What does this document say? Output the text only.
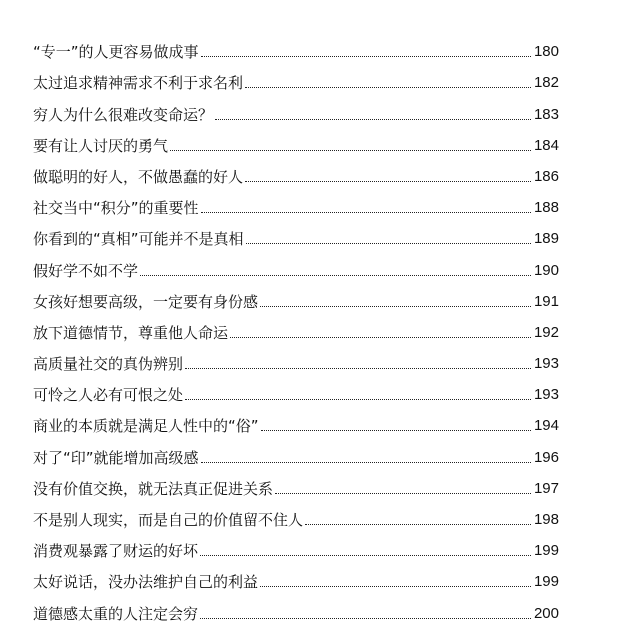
“专一”的人更容易做成事	180
太过追求精神需求不利于求名利	182
穷人为什么很难改变命运？	183
要有让人讨厌的勇气	184
做聪明的好人，不做愚蠢的好人	186
社交当中“积分”的重要性	188
你看到的“真相”可能并不是真相	189
假好学不如不学	190
女孩好想要高级，一定要有身份感	191
放下道德情节，尊重他人命运	192
高质量社交的真伪辨别	193
可怜之人必有可恨之处	193
商业的本质就是满足人性中的“俗”	194
对了“印”就能增加高级感	196
没有价值交换，就无法真正促进关系	197
不是别人现实，而是自己的价值留不住人	198
消费观暴露了财运的好坏	199
太好说话，没办法维护自己的利益	199
道德感太重的人注定会穷	200
